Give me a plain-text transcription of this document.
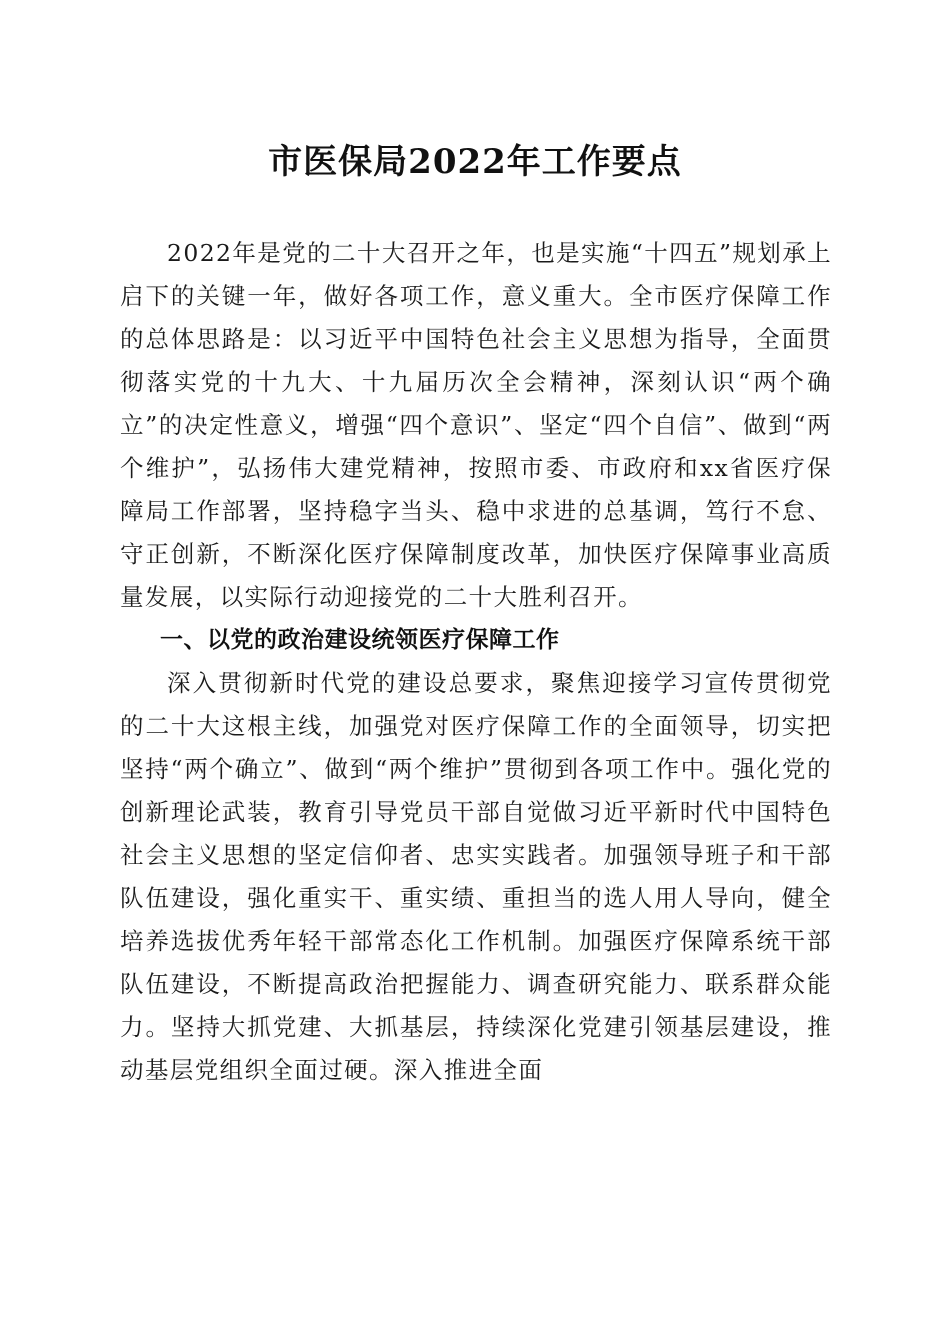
市医保局2022年工作要点

2022年是党的二十大召开之年，也是实施“十四五”规划承上启下的关键一年，做好各项工作，意义重大。全市医疗保障工作的总体思路是：以习近平中国特色社会主义思想为指导，全面贯彻落实党的十九大、十九届历次全会精神，深刻认识“两个确立”的决定性意义，增强“四个意识”、坚定“四个自信”、做到“两个维护”，弘扬伟大建党精神，按照市委、市政府和xx省医疗保障局工作部署，坚持稳字当头、稳中求进的总基调，笃行不怠、守正创新，不断深化医疗保障制度改革，加快医疗保障事业高质量发展，以实际行动迎接党的二十大胜利召开。

一、以党的政治建设统领医疗保障工作

深入贯彻新时代党的建设总要求，聚焦迎接学习宣传贯彻党的二十大这根主线，加强党对医疗保障工作的全面领导，切实把坚持“两个确立”、做到“两个维护”贯彻到各项工作中。强化党的创新理论武装，教育引导党员干部自觉做习近平新时代中国特色社会主义思想的坚定信仰者、忠实实践者。加强领导班子和干部队伍建设，强化重实干、重实绩、重担当的选人用人导向，健全培养选拔优秀年轻干部常态化工作机制。加强医疗保障系统干部队伍建设，不断提高政治把握能力、调查研究能力、联系群众能力。坚持大抓党建、大抓基层，持续深化党建引领基层建设，推动基层党组织全面过硬。深入推进全面
